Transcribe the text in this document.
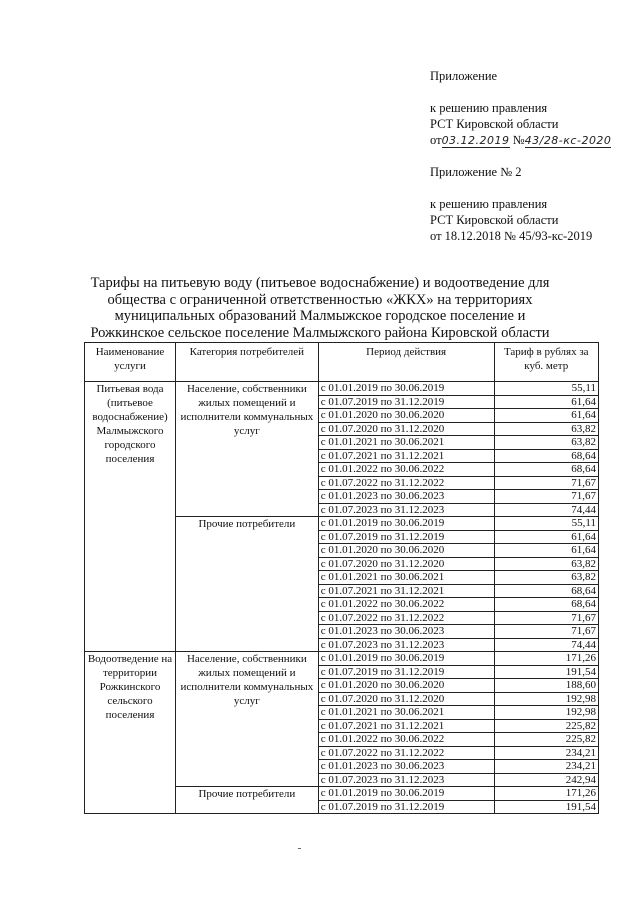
Приложение
к решению правления
РСТ Кировской области
от03.12.2019 №43/28-кс-2020
Приложение № 2
к решению правления
РСТ Кировской области
от 18.12.2018 № 45/93-кс-2019
Тарифы на питьевую воду (питьевое водоснабжение) и водоотведение для общества с ограниченной ответственностью «ЖКХ» на территориях муниципальных образований Малмыжское городское поселение и Рожкинское сельское поселение Малмыжского района Кировской области
Наименование услуги	Категория потребителей	Период действия	Тариф в рублях за куб. метр
Питьевая вода (питьевое водоснабжение) Малмыжского городского поселения	Население, собственники жилых помещений и исполнители коммунальных услуг	с 01.01.2019 по 30.06.2019	55,11
		с 01.07.2019 по 31.12.2019	61,64
		с 01.01.2020 по 30.06.2020	61,64
		с 01.07.2020 по 31.12.2020	63,82
		с 01.01.2021 по 30.06.2021	63,82
		с 01.07.2021 по 31.12.2021	68,64
		с 01.01.2022 по 30.06.2022	68,64
		с 01.07.2022 по 31.12.2022	71,67
		с 01.01.2023 по 30.06.2023	71,67
		с 01.07.2023 по 31.12.2023	74,44
	Прочие потребители	с 01.01.2019 по 30.06.2019	55,11
		с 01.07.2019 по 31.12.2019	61,64
		с 01.01.2020 по 30.06.2020	61,64
		с 01.07.2020 по 31.12.2020	63,82
		с 01.01.2021 по 30.06.2021	63,82
		с 01.07.2021 по 31.12.2021	68,64
		с 01.01.2022 по 30.06.2022	68,64
		с 01.07.2022 по 31.12.2022	71,67
		с 01.01.2023 по 30.06.2023	71,67
		с 01.07.2023 по 31.12.2023	74,44
Водоотведение на территории Рожкинского сельского поселения	Население, собственники жилых помещений и исполнители коммунальных услуг	с 01.01.2019 по 30.06.2019	171,26
		с 01.07.2019 по 31.12.2019	191,54
		с 01.01.2020 по 30.06.2020	188,60
		с 01.07.2020 по 31.12.2020	192,98
		с 01.01.2021 по 30.06.2021	192,98
		с 01.07.2021 по 31.12.2021	225,82
		с 01.01.2022 по 30.06.2022	225,82
		с 01.07.2022 по 31.12.2022	234,21
		с 01.01.2023 по 30.06.2023	234,21
		с 01.07.2023 по 31.12.2023	242,94
	Прочие потребители	с 01.01.2019 по 30.06.2019	171,26
		с 01.07.2019 по 31.12.2019	191,54
